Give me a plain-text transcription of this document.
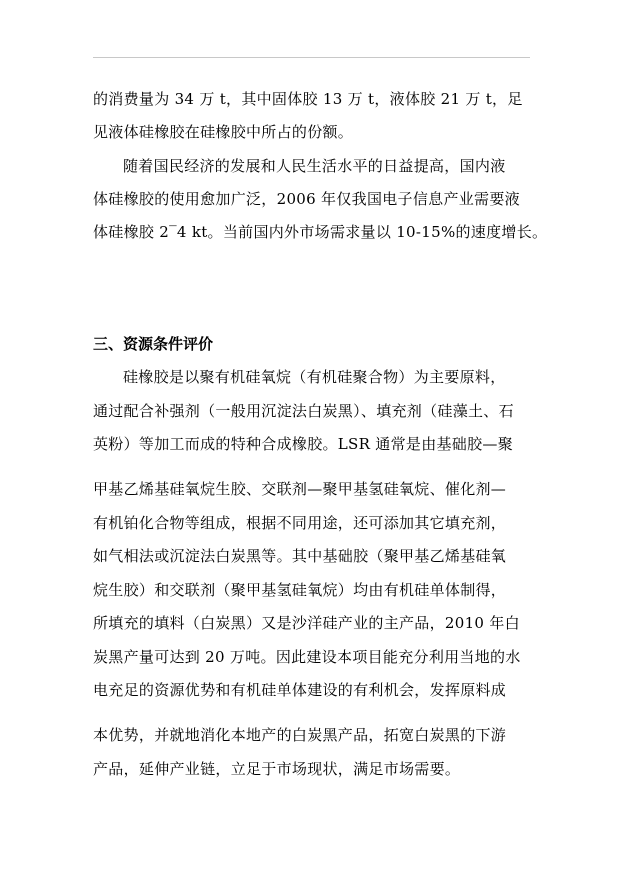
的消费量为 34 万 t，其中固体胶 13 万 t，液体胶 21 万 t，足
见液体硅橡胶在硅橡胶中所占的份额。
随着国民经济的发展和人民生活水平的日益提高，国内液
体硅橡胶的使用愈加广泛，2006 年仅我国电子信息产业需要液
体硅橡胶 2‾4 kt。当前国内外市场需求量以 10-15%的速度增长。
三、资源条件评价
硅橡胶是以聚有机硅氧烷（有机硅聚合物）为主要原料，
通过配合补强剂（一般用沉淀法白炭黑）、填充剂（硅藻土、石
英粉）等加工而成的特种合成橡胶。LSR 通常是由基础胶—聚
甲基乙烯基硅氧烷生胶、交联剂—聚甲基氢硅氧烷、催化剂—
有机铂化合物等组成，根据不同用途，还可添加其它填充剂，
如气相法或沉淀法白炭黑等。其中基础胶（聚甲基乙烯基硅氧
烷生胶）和交联剂（聚甲基氢硅氧烷）均由有机硅单体制得，
所填充的填料（白炭黑）又是沙洋硅产业的主产品，2010 年白
炭黑产量可达到 20 万吨。因此建设本项目能充分利用当地的水
电充足的资源优势和有机硅单体建设的有利机会，发挥原料成
本优势，并就地消化本地产的白炭黑产品，拓宽白炭黑的下游
产品，延伸产业链，立足于市场现状，满足市场需要。
